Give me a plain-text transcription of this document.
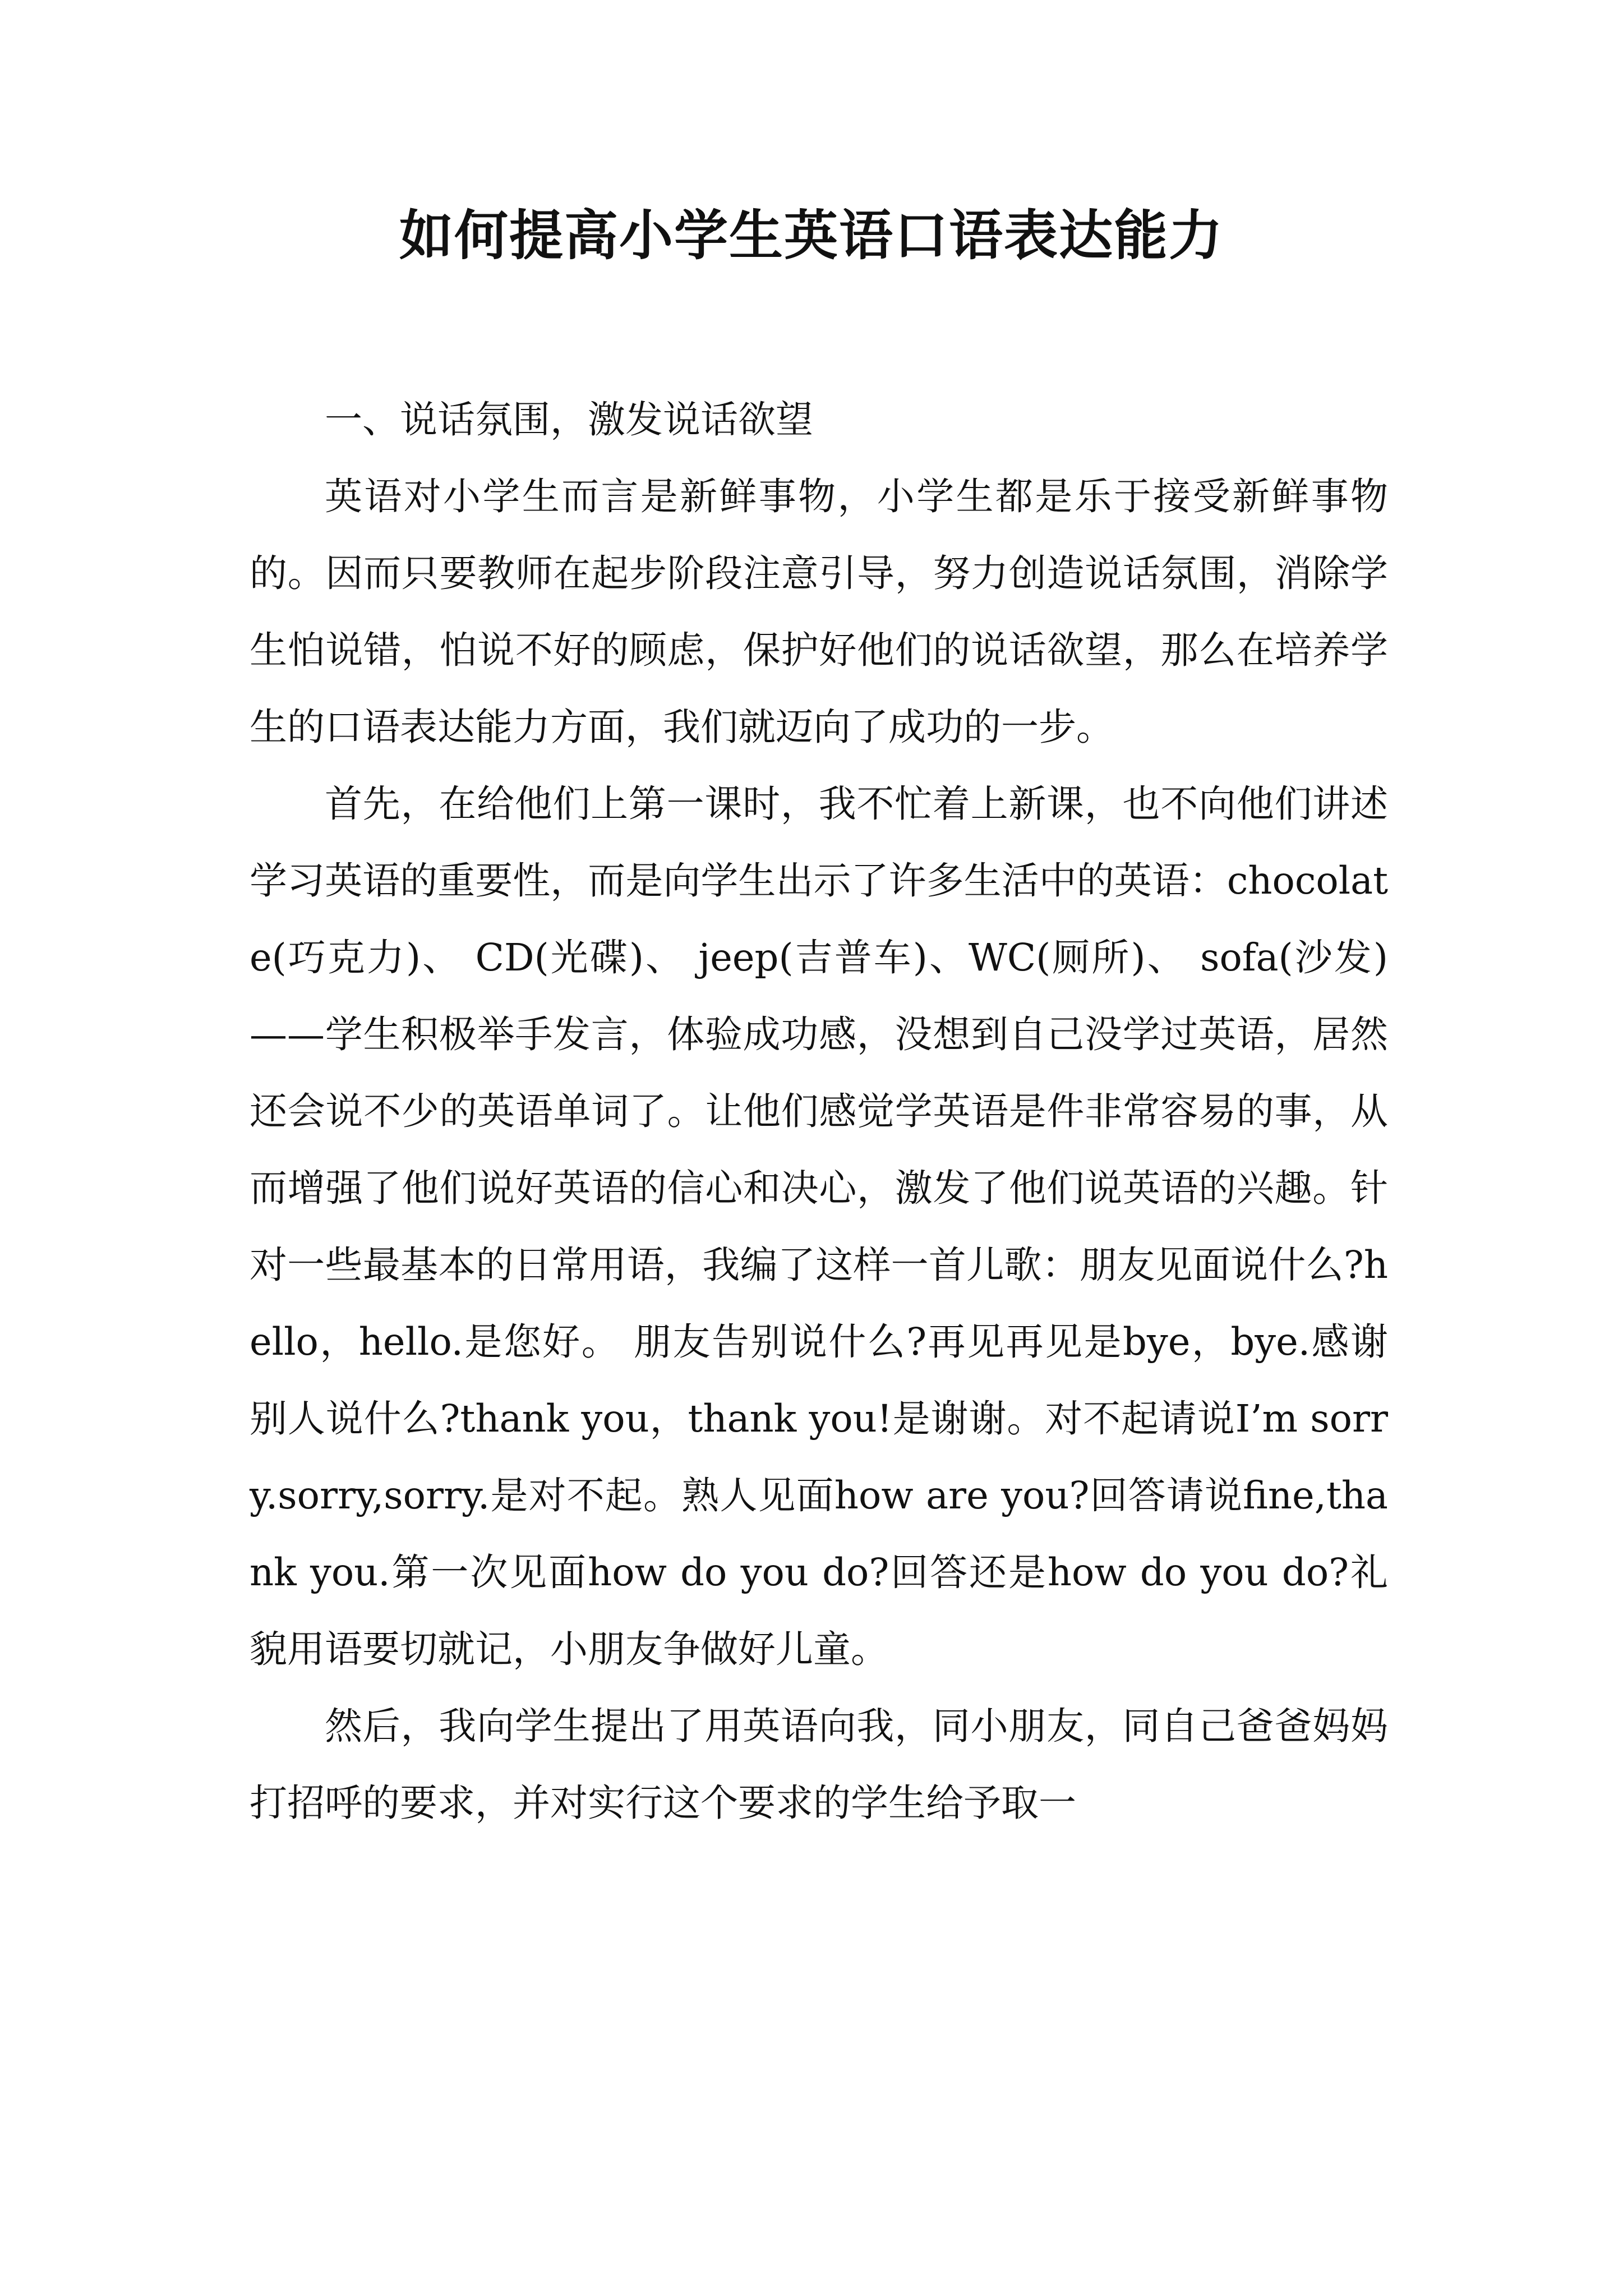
如何提高小学生英语口语表达能力

一、说话氛围，激发说话欲望

英语对小学生而言是新鲜事物，小学生都是乐于接受新鲜事物的。因而只要教师在起步阶段注意引导，努力创造说话氛围，消除学生怕说错，怕说不好的顾虑，保护好他们的说话欲望，那么在培养学生的口语表达能力方面，我们就迈向了成功的一步。

首先，在给他们上第一课时，我不忙着上新课，也不向他们讲述学习英语的重要性，而是向学生出示了许多生活中的英语：chocolate(巧克力)、 CD(光碟)、 jeep(吉普车)、WC(厕所)、 sofa(沙发)——学生积极举手发言，体验成功感，没想到自己没学过英语，居然还会说不少的英语单词了。让他们感觉学英语是件非常容易的事，从而增强了他们说好英语的信心和决心，激发了他们说英语的兴趣。针对一些最基本的日常用语，我编了这样一首儿歌：朋友见面说什么?hello，hello.是您好。 朋友告别说什么?再见再见是bye，bye.感谢别人说什么?thank you，thank you!是谢谢。对不起请说I’m sorry.sorry,sorry.是对不起。熟人见面how are you?回答请说fine,thank you.第一次见面how do you do?回答还是how do you do?礼貌用语要切就记，小朋友争做好儿童。

然后，我向学生提出了用英语向我，同小朋友，同自己爸爸妈妈打招呼的要求，并对实行这个要求的学生给予取一
